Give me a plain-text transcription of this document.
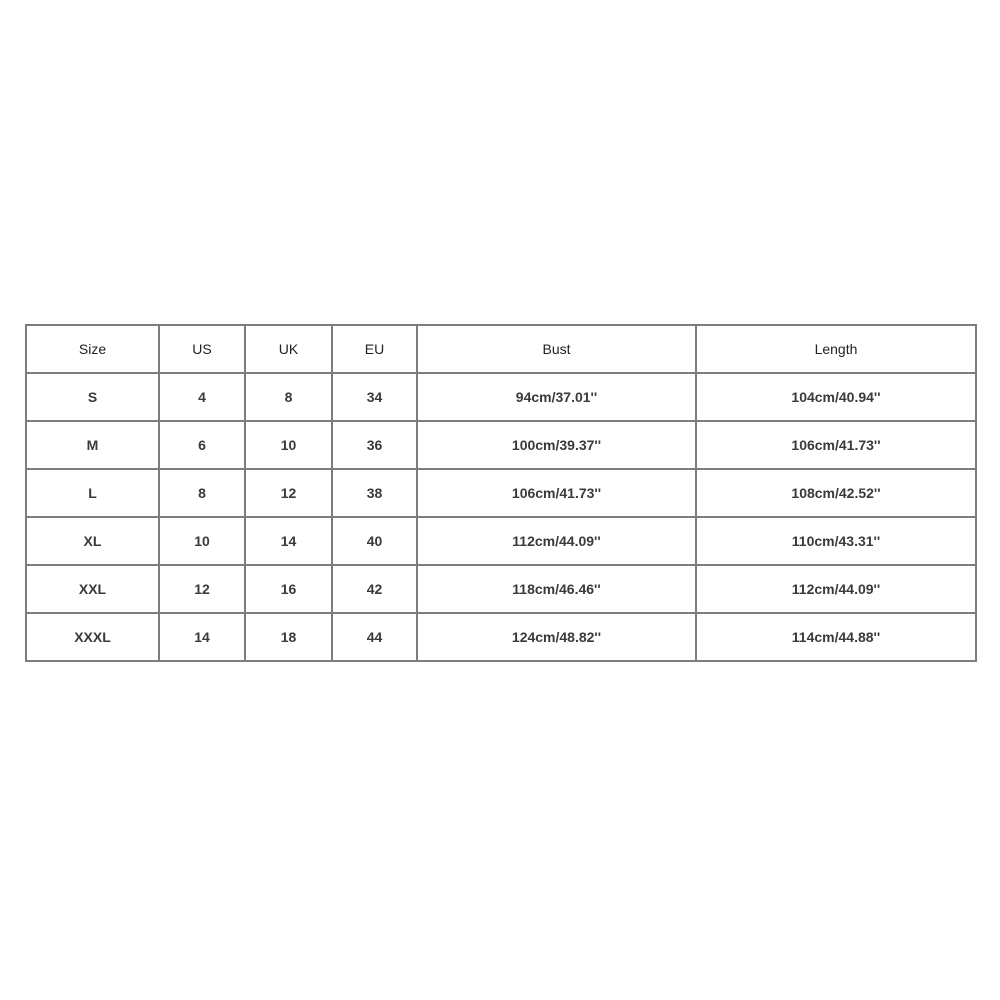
Size	US	UK	EU	Bust	Length
S	4	8	34	94cm/37.01''	104cm/40.94''
M	6	10	36	100cm/39.37''	106cm/41.73''
L	8	12	38	106cm/41.73''	108cm/42.52''
XL	10	14	40	112cm/44.09''	110cm/43.31''
XXL	12	16	42	118cm/46.46''	112cm/44.09''
XXXL	14	18	44	124cm/48.82''	114cm/44.88''
